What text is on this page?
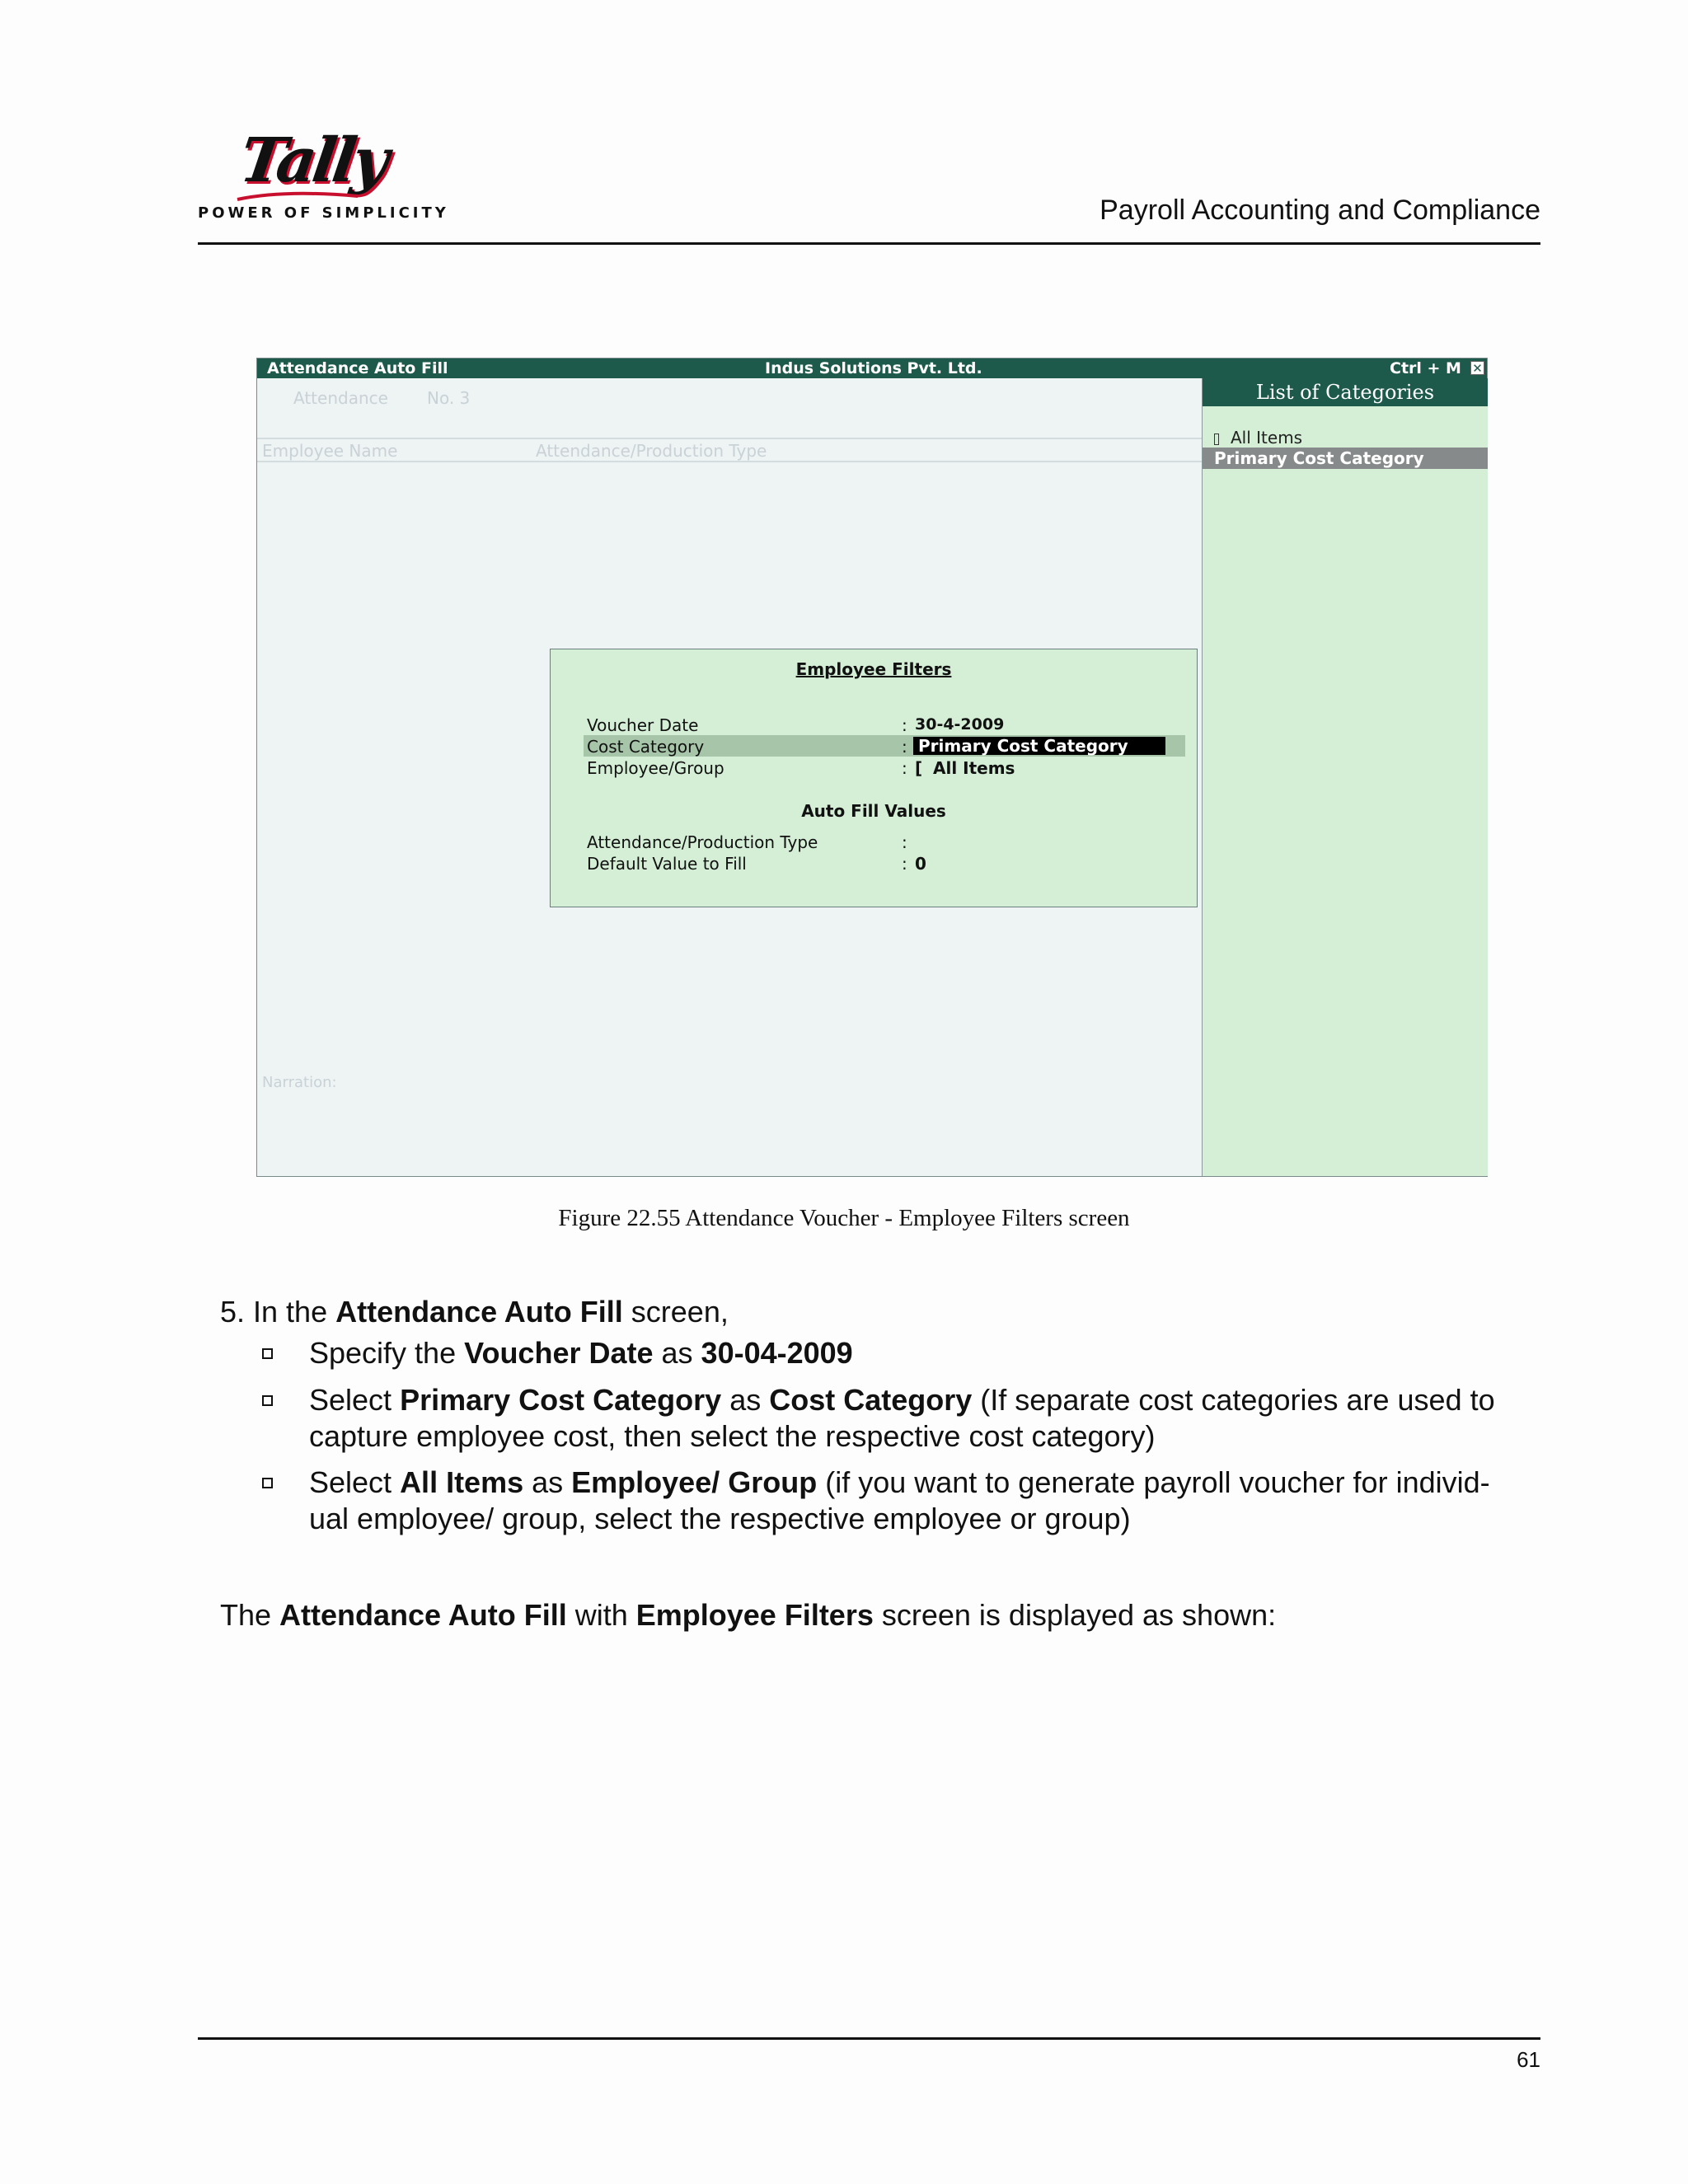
Tally
POWER OF SIMPLICITY	Payroll Accounting and Compliance
Attendance Auto Fill	Indus Solutions Pvt. Ltd.	Ctrl + M ✕
Attendance No. 3
Employee Name	Attendance/Production Type
Narration:
List of Categories
All Items
Primary Cost Category
Employee Filters
Voucher Date	: 30-4-2009
Cost Category	: Primary Cost Category
Employee/Group	: [ All Items
Auto Fill Values
Attendance/Production Type	:
Default Value to Fill	: 0
Figure 22.55 Attendance Voucher - Employee Filters screen
5. In the Attendance Auto Fill screen,
Specify the Voucher Date as 30-04-2009
Select Primary Cost Category as Cost Category (If separate cost categories are used to
capture employee cost, then select the respective cost category)
Select All Items as Employee/ Group (if you want to generate payroll voucher for individ-
ual employee/ group, select the respective employee or group)
The Attendance Auto Fill with Employee Filters screen is displayed as shown:
61
